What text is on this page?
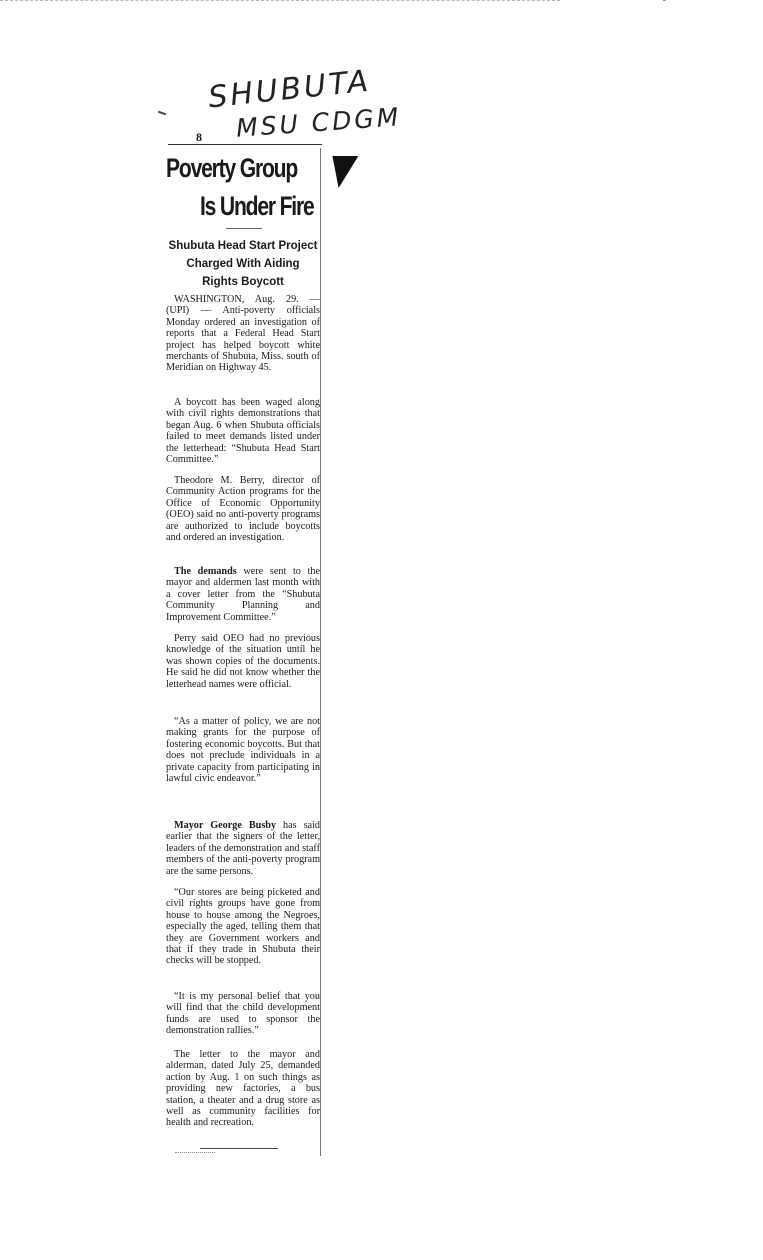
SHUBUTA
MSU CDGM
8
Poverty Group
Is Under Fire
Shubuta Head Start Project
Charged With Aiding
Rights Boycott

WASHINGTON, Aug. 29. — (UPI) — Anti-poverty officials Monday ordered an investigation of reports that a Federal Head Start project has helped boycott white merchants of Shubuta, Miss. south of Meridian on Highway 45.

A boycott has been waged along with civil rights demonstrations that began Aug. 6 when Shubuta officials failed to meet demands listed under the letterhead: “Shubuta Head Start Committee.”

Theodore M. Berry, director of Community Action programs for the Office of Economic Opportunity (OEO) said no anti-poverty programs are authorized to include boycotts and ordered an investigation.

The demands were sent to the mayor and aldermen last month with a cover letter from the “Shubuta Community Planning and Improvement Committee.”

Perry said OEO had no previous knowledge of the situation until he was shown copies of the documents. He said he did not know whether the letterhead names were official.

“As a matter of policy, we are not making grants for the purpose of fostering economic boycotts. But that does not preclude individuals in a private capacity from participating in lawful civic endeavor.”

Mayor George Busby has said earlier that the signers of the letter, leaders of the demonstration and staff members of the anti-poverty program are the same persons.

“Our stores are being picketed and civil rights groups have gone from house to house among the Negroes, especially the aged, telling them that they are Government workers and that if they trade in Shubuta their checks will be stopped.

“It is my personal belief that you will find that the child development funds are used to sponsor the demonstration rallies.”

The letter to the mayor and alderman, dated July 25, demanded action by Aug. 1 on such things as providing new factories, a bus station, a theater and a drug store as well as community facilities for health and recreation.
